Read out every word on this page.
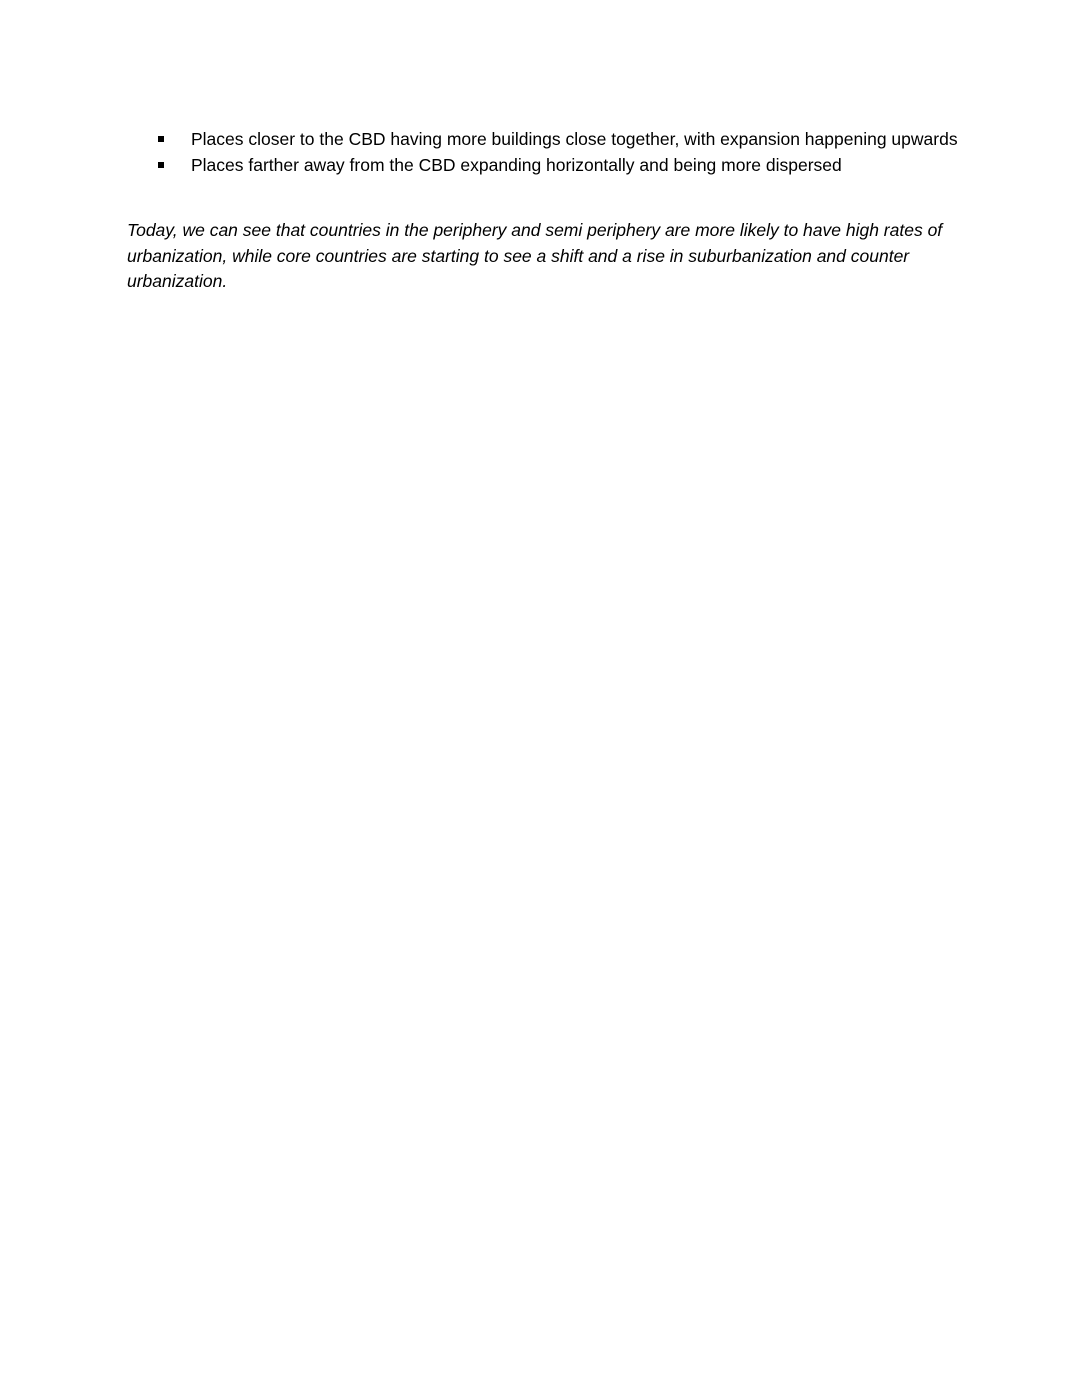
Places closer to the CBD having more buildings close together, with expansion happening upwards
Places farther away from the CBD expanding horizontally and being more dispersed

Today, we can see that countries in the periphery and semi periphery are more likely to have high rates of urbanization, while core countries are starting to see a shift and a rise in suburbanization and counter urbanization.
